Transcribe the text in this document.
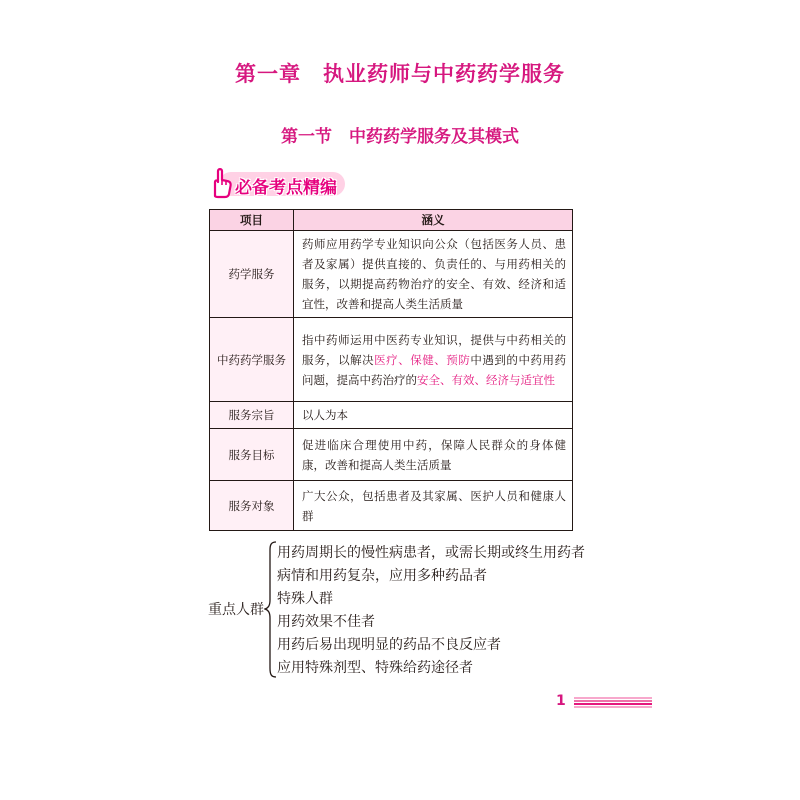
第一章　执业药师与中药药学服务
第一节　中药药学服务及其模式
必备考点精编
项目	涵义
药学服务	药师应用药学专业知识向公众（包括医务人员、患者及家属）提供直接的、负责任的、与用药相关的服务，以期提高药物治疗的安全、有效、经济和适宜性，改善和提高人类生活质量
中药药学服务	指中药师运用中医药专业知识，提供与中药相关的服务，以解决医疗、保健、预防中遇到的中药用药问题，提高中药治疗的安全、有效、经济与适宜性
服务宗旨	以人为本
服务目标	促进临床合理使用中药，保障人民群众的身体健康，改善和提高人类生活质量
服务对象	广大公众，包括患者及其家属、医护人员和健康人群
重点人群
用药周期长的慢性病患者，或需长期或终生用药者
病情和用药复杂，应用多种药品者
特殊人群
用药效果不佳者
用药后易出现明显的药品不良反应者
应用特殊剂型、特殊给药途径者
1
